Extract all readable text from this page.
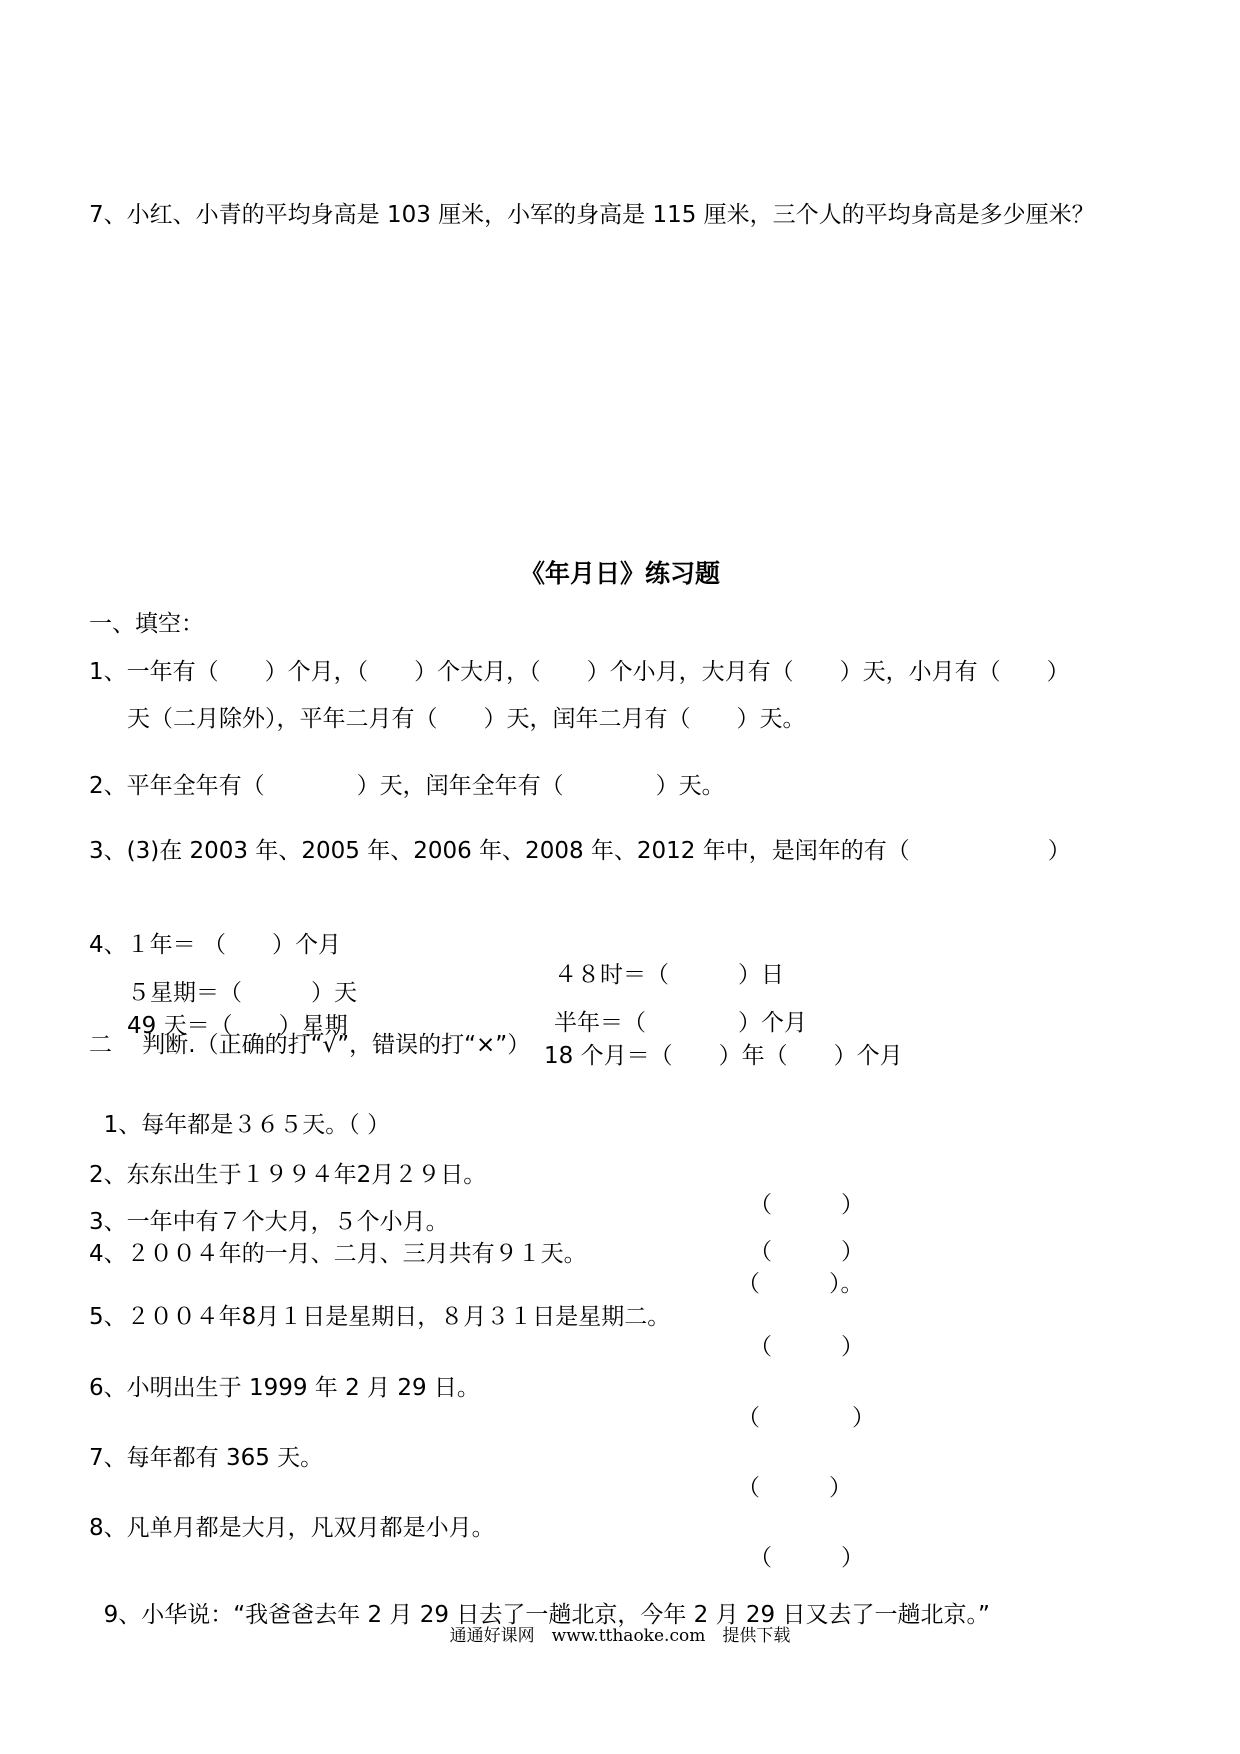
7、小红、小青的平均身高是 103 厘米，小军的身高是 115 厘米，三个人的平均身高是多少厘米？
《年月日》练习题
一、填空：
1、一年有（　　）个月，（　　）个大月，（　　）个小月，大月有（　　）天，小月有（　　）
天（二月除外），平年二月有（　　）天，闰年二月有（　　）天。
2、平年全年有（　　　　）天，闰年全年有（　　　　）天。
3、(3)在 2003 年、2005 年、2006 年、2008 年、2012 年中，是闰年的有（　　　　　　）

4、１年＝ （　　）个月

４８时＝（　　　）日

５星期＝（　　　）天

半年＝（　　　　）个月

49 天＝（　　）星期

18 个月＝（　　）年（　　）个月

二　 判断.（正确的打“√”，错误的打“×”）

1、每年都是３６５天。（ ）

2、东东出生于１９９４年2月２９日。

（　　　）

3、一年中有７个大月，５个小月。

（　　　）

4、２００４年的一月、二月、三月共有９１天。

（　　　）。

5、２００４年8月１日是星期日，８月３１日是星期二。

（　　　）

6、小明出生于 1999 年 2 月 29 日。

（　　　　）

7、每年都有 365 天。

（　　　）

8、凡单月都是大月，凡双月都是小月。

（　　　）

9、小华说：“我爸爸去年 2 月 29 日去了一趟北京，今年 2 月 29 日又去了一趟北京。”

通通好课网　www.tthaoke.com　提供下载
